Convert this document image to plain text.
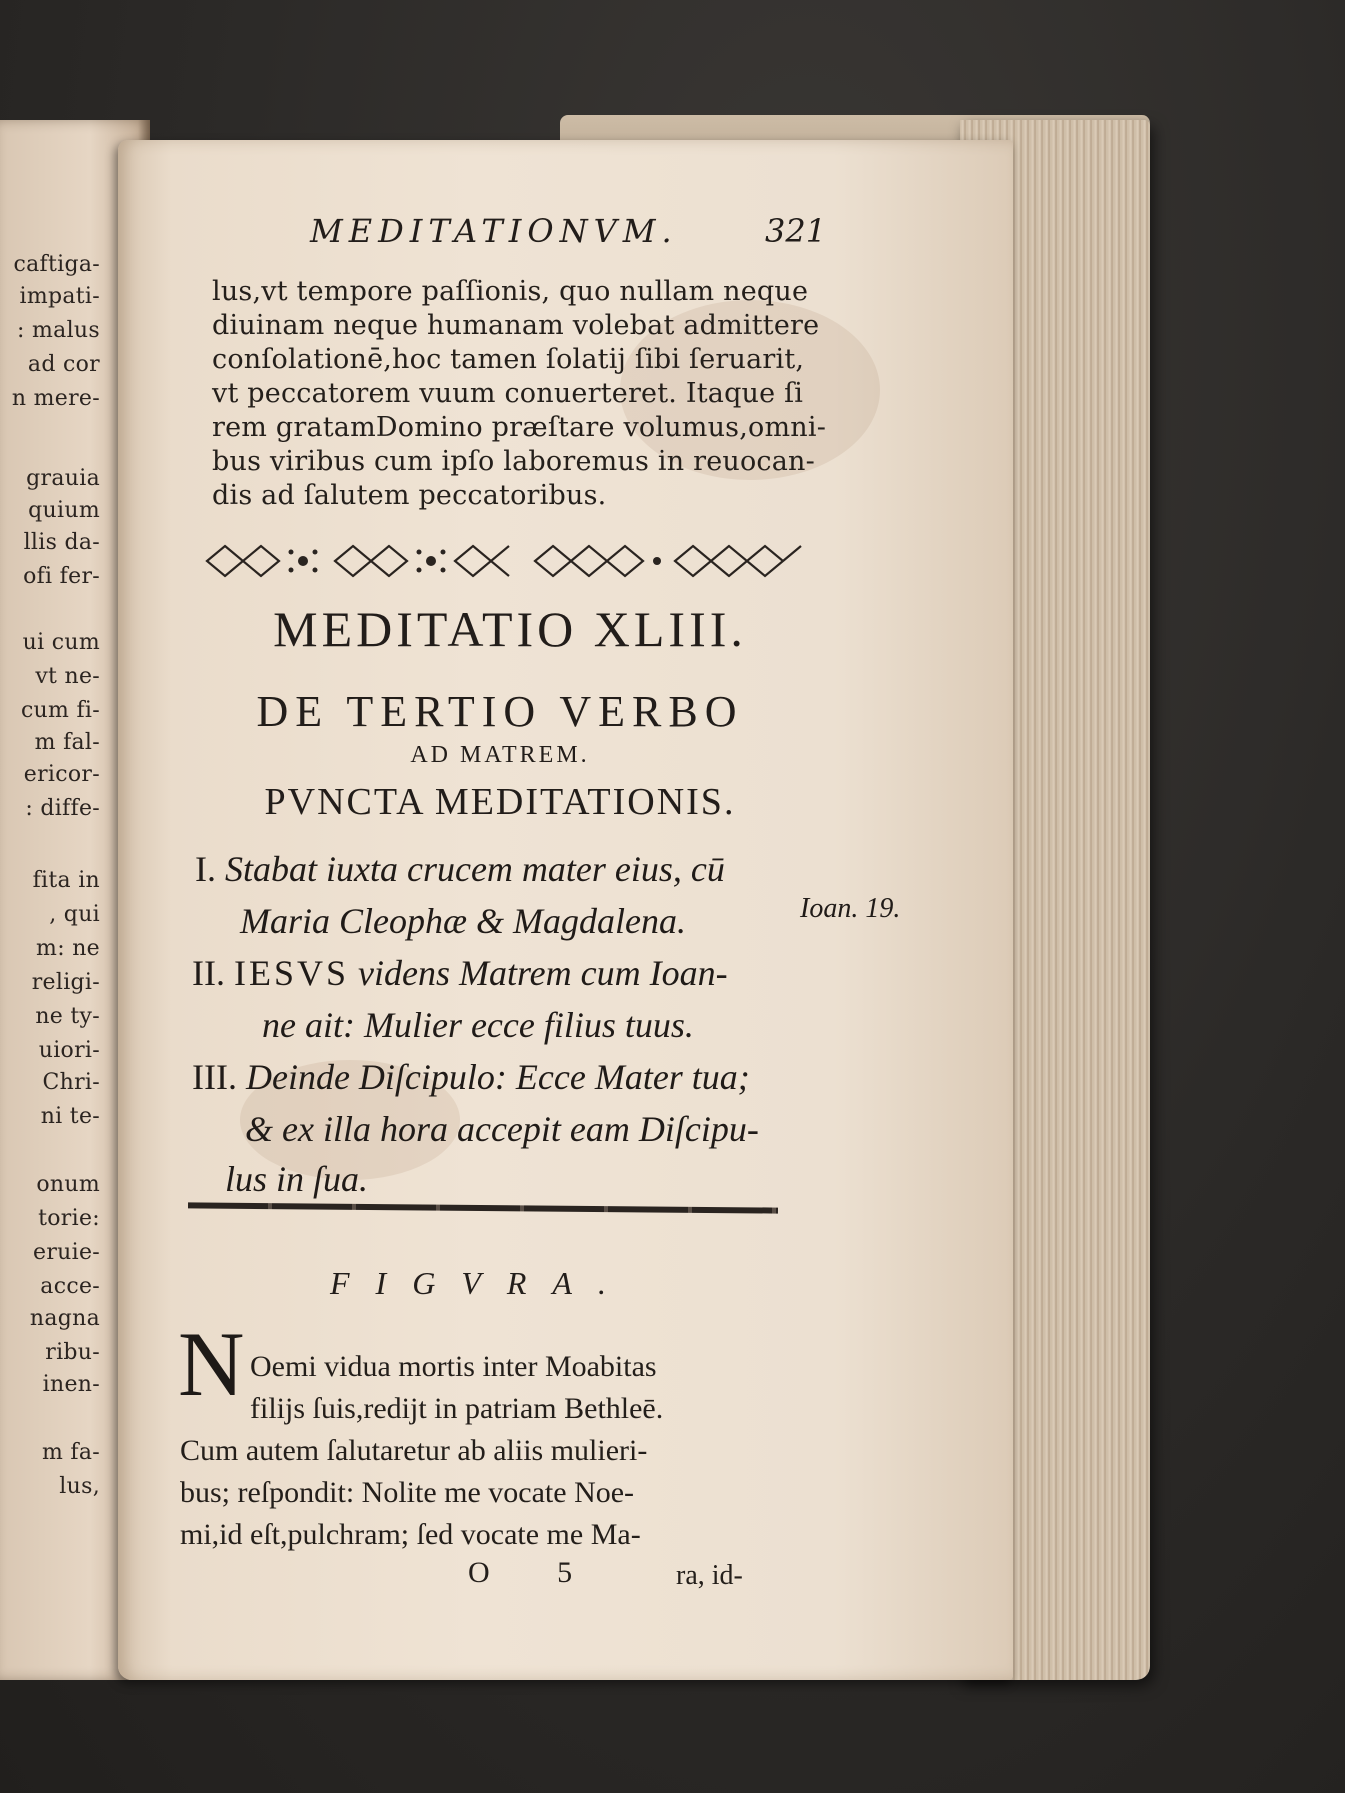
caftiga-
impati-
: malus
ad cor
n mere-
grauia
quium
llis da-
ofi fer-
ui cum
vt ne-
cum fi-
m fal-
ericor-
: diffe-
fita in
, qui
m: ne
religi-
ne ty-
uiori-
Chri-
ni te-
onum
torie:
eruie-
acce-
nagna
ribu-
inen-
m fa-
lus,
MEDITATIONVM.	321
lus,vt tempore paſſionis, quo nullam neque
diuinam neque humanam volebat admittere
conſolationē,hoc tamen ſolatij ſibi ſeruarit,
vt peccatorem vuum conuerteret. Itaque ſi
rem gratamDomino præſtare volumus,omni-
bus viribus cum ipſo laboremus in reuocan-
dis ad ſalutem peccatoribus.
MEDITATIO XLIII.
DE TERTIO VERBO
AD MATREM.
PVNCTA MEDITATIONIS.
I. Stabat iuxta crucem mater eius, cū
Maria Cleophæ & Magdalena.	Ioan. 19.
II. IESVS videns Matrem cum Ioan-
ne ait: Mulier ecce filius tuus.
III. Deinde Diſcipulo: Ecce Mater tua;
& ex illa hora accepit eam Diſcipu-
lus in ſua.
FIGVRA.
N Oemi vidua mortis inter Moabitas
filijs ſuis,redijt in patriam Bethleē.
Cum autem ſalutaretur ab aliis mulieri-
bus; reſpondit: Nolite me vocate Noe-
mi,id eſt,pulchram; ſed vocate me Ma-
O 5	ra, id-
